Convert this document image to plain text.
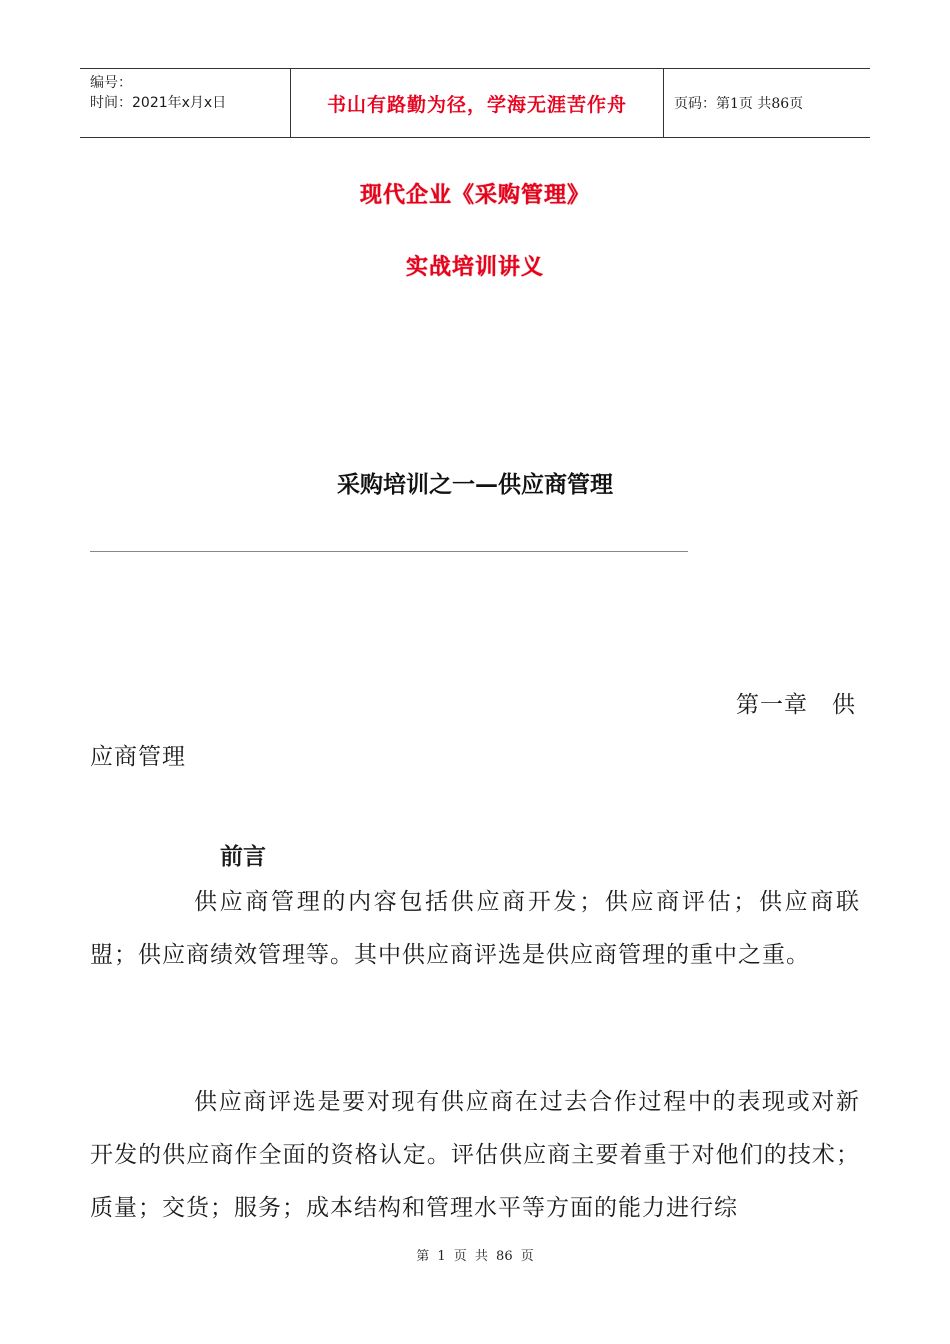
编号：
时间：2021年x月x日	书山有路勤为径，学海无涯苦作舟	页码：第1页 共86页
现代企业《采购管理》
实战培训讲义
采购培训之一—供应商管理
第一章　供
应商管理
前言
供应商管理的内容包括供应商开发；供应商评估；供应商联盟；供应商绩效管理等。其中供应商评选是供应商管理的重中之重。
供应商评选是要对现有供应商在过去合作过程中的表现或对新开发的供应商作全面的资格认定。评估供应商主要着重于对他们的技术；质量；交货；服务；成本结构和管理水平等方面的能力进行综
第 1 页 共 86 页
